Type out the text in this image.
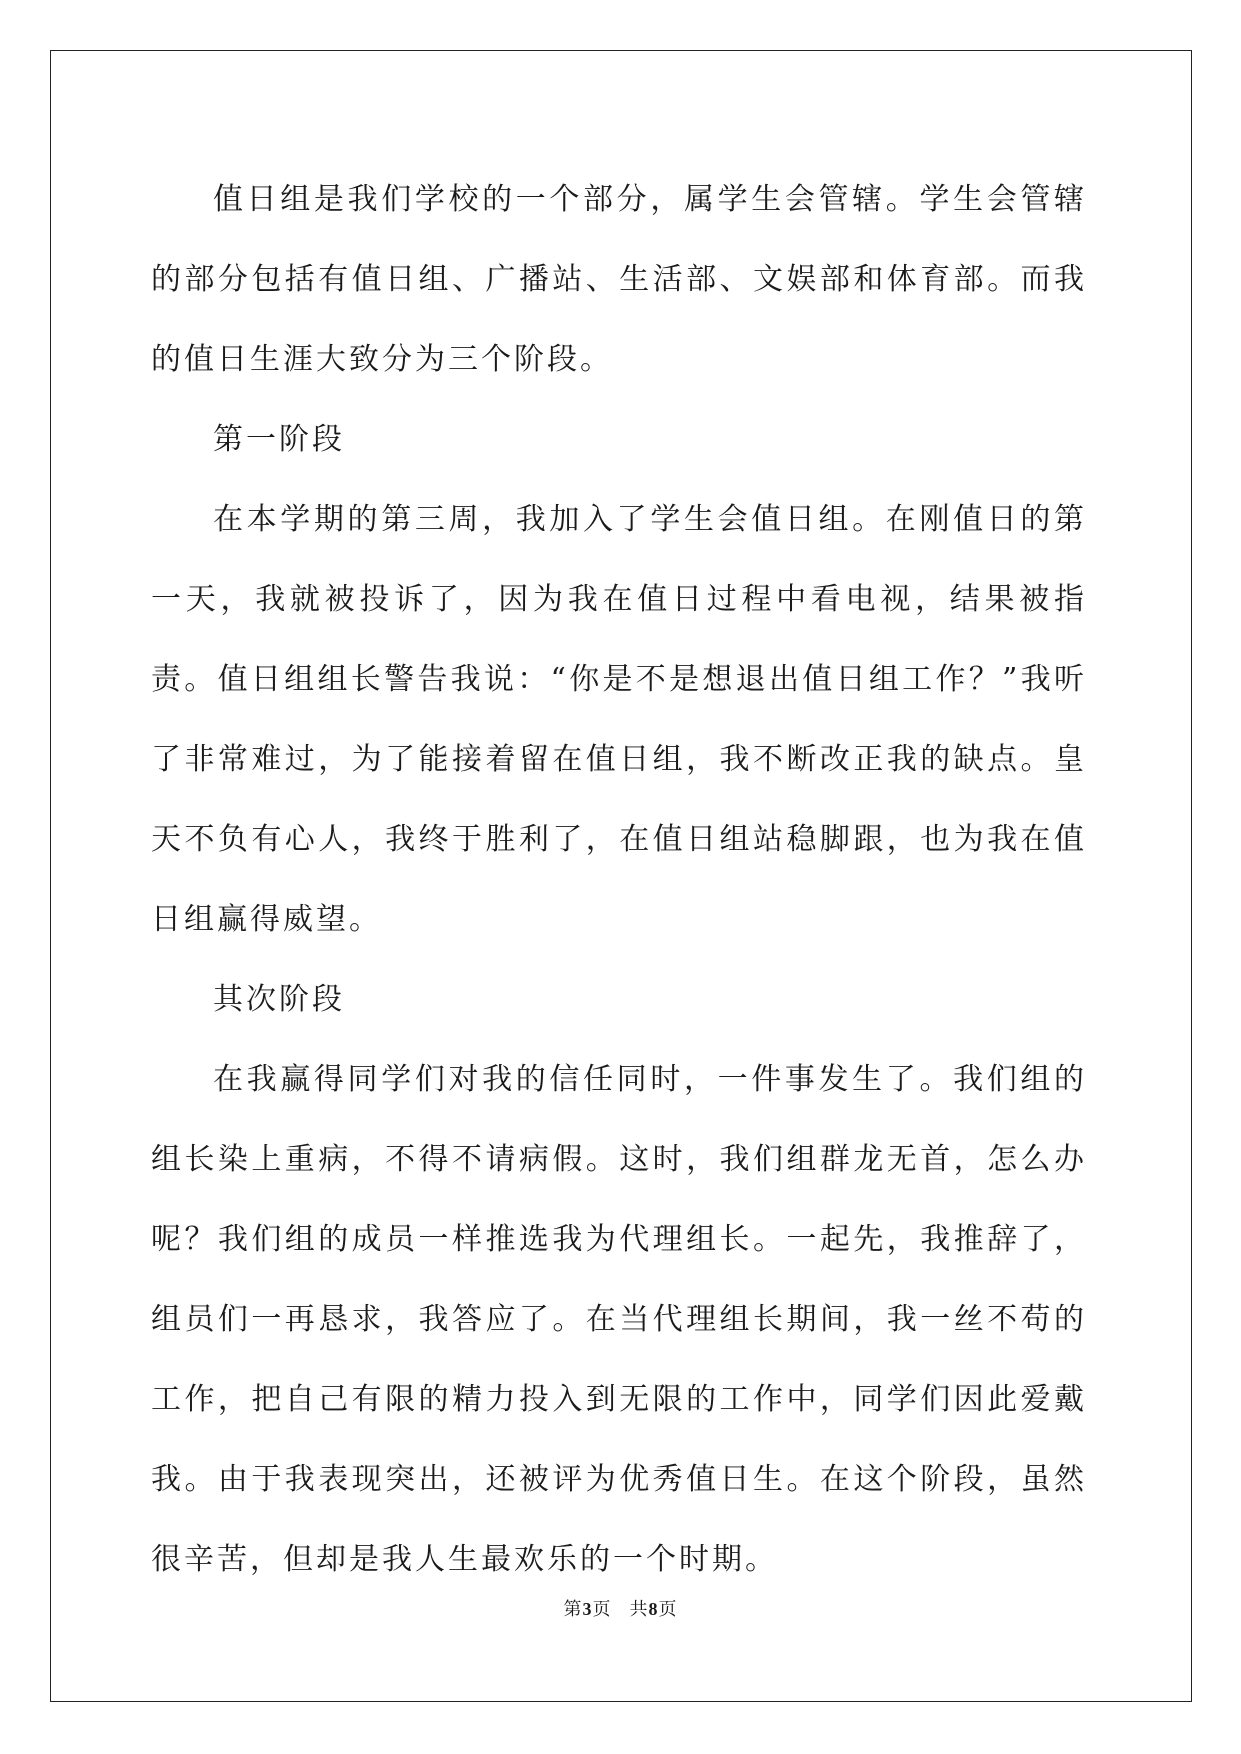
值日组是我们学校的一个部分，属学生会管辖。学生会管辖的部分包括有值日组、广播站、生活部、文娱部和体育部。而我的值日生涯大致分为三个阶段。

第一阶段

在本学期的第三周，我加入了学生会值日组。在刚值日的第一天，我就被投诉了，因为我在值日过程中看电视，结果被指责。值日组组长警告我说：“你是不是想退出值日组工作？”我听了非常难过，为了能接着留在值日组，我不断改正我的缺点。皇天不负有心人，我终于胜利了，在值日组站稳脚跟，也为我在值日组赢得威望。

其次阶段

在我赢得同学们对我的信任同时，一件事发生了。我们组的组长染上重病，不得不请病假。这时，我们组群龙无首，怎么办呢？我们组的成员一样推选我为代理组长。一起先，我推辞了，组员们一再恳求，我答应了。在当代理组长期间，我一丝不苟的工作，把自己有限的精力投入到无限的工作中，同学们因此爱戴我。由于我表现突出，还被评为优秀值日生。在这个阶段，虽然很辛苦，但却是我人生最欢乐的一个时期。

第3页 共8页
